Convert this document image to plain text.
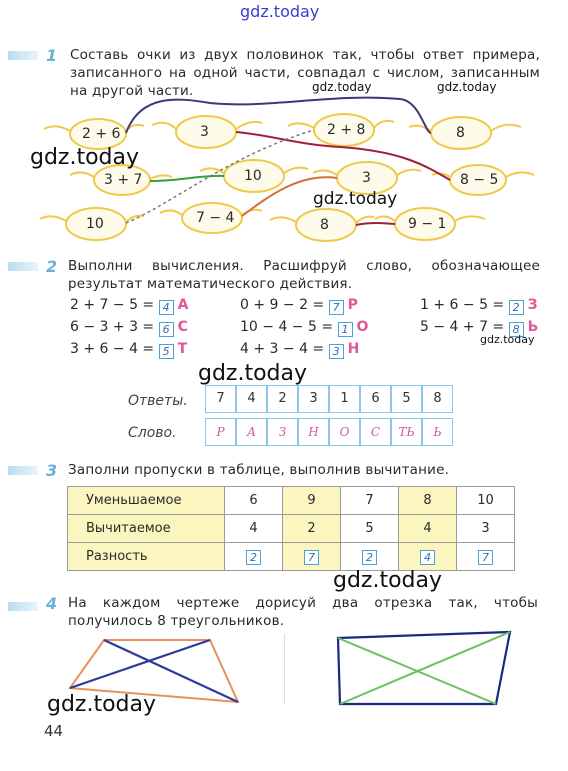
gdz.today
1 Составь очки из двух половинок так, чтобы ответ примера, записанного на одной части, совпадал с числом, записанным на другой части.
2 + 6	3	2 + 8	8
3 + 7	10	3	8 − 5
10	7 − 4	8	9 − 1
2 Выполни вычисления. Расшифруй слово, обозначающее результат математического действия.
2 + 7 − 5 = 4 А
6 − 3 + 3 = 6 С
3 + 6 − 4 = 5 Т
0 + 9 − 2 = 7 Р
10 − 4 − 5 = 1 О
4 + 3 − 4 = 3 Н
1 + 6 − 5 = 2 З
5 − 4 + 7 = 8 Ь
Ответы.	7	4	2	3	1	6	5	8
Слово.	Р	А	З	Н	О	С	ТЬ	Ь
3 Заполни пропуски в таблице, выполнив вычитание.
Уменьшаемое	6	9	7	8	10
Вычитаемое	4	2	5	4	3
Разность	2	7	2	4	7
4 На каждом чертеже дорисуй два отрезка так, чтобы получилось 8 треугольников.
44
gdz.today	gdz.today
gdz.today
gdz.today
gdz.today
gdz.today
gdz.today
gdz.today
